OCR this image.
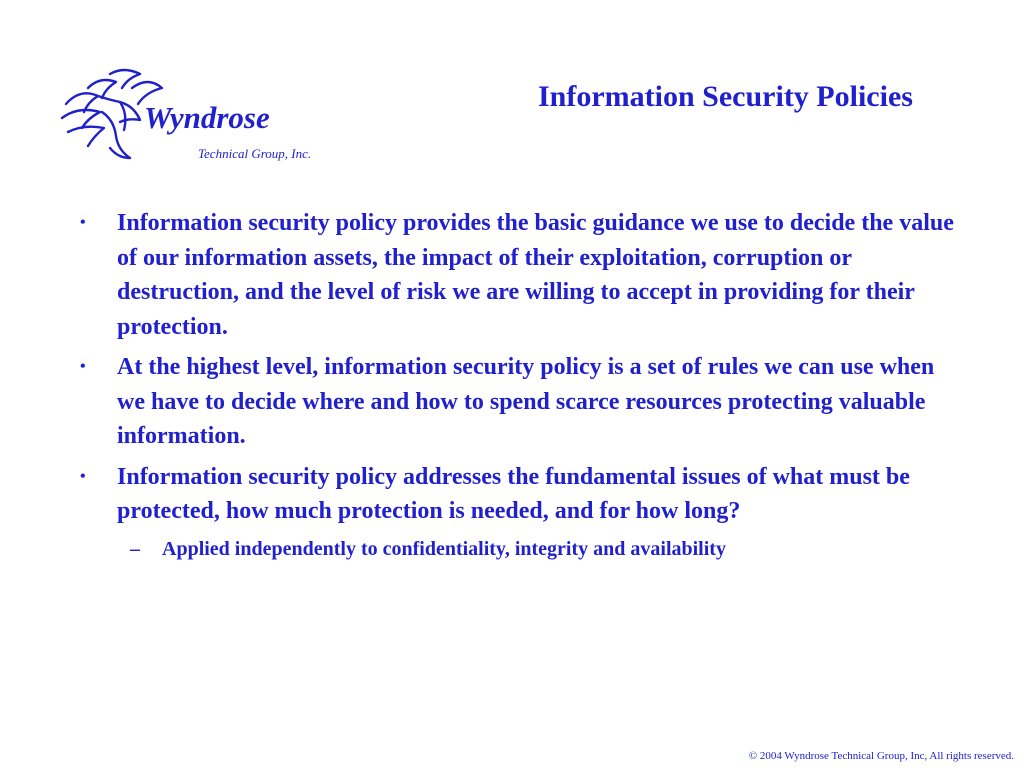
Wyndrose
Technical Group, Inc.
Information Security Policies
• Information security policy provides the basic guidance we use to decide the value of our information assets, the impact of their exploitation, corruption or destruction, and the level of risk we are willing to accept in providing for their protection.
• At the highest level, information security policy is a set of rules we can use when we have to decide where and how to spend scarce resources protecting valuable information.
• Information security policy addresses the fundamental issues of what must be protected, how much protection is needed, and for how long?
– Applied independently to confidentiality, integrity and availability
© 2004 Wyndrose Technical Group, Inc, All rights reserved.
